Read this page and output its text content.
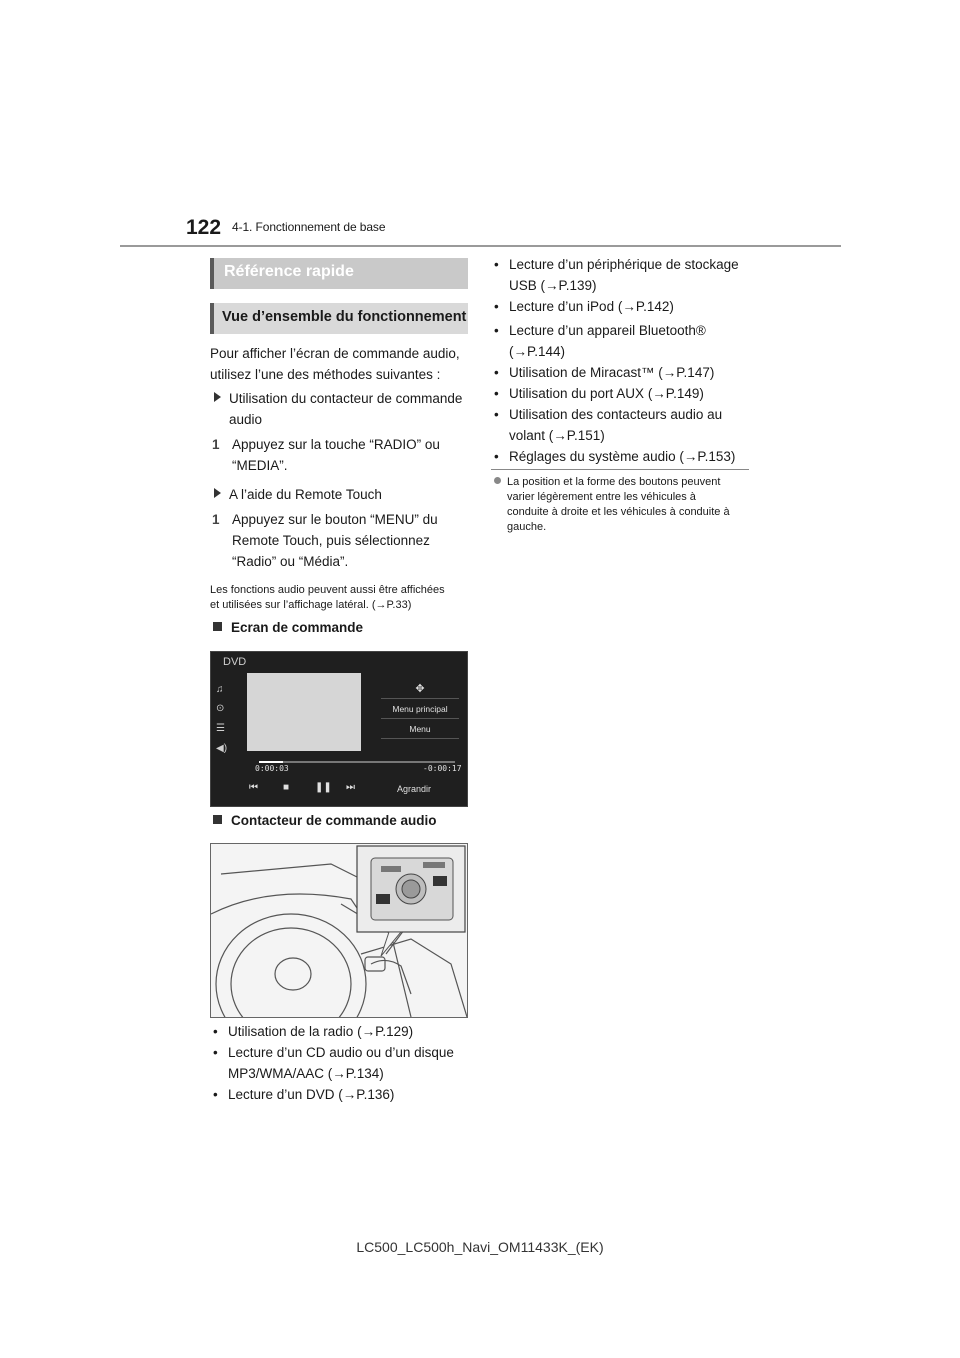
122 4-1. Fonctionnement de base
Référence rapide
Vue d’ensemble du fonctionnement
Pour afficher l’écran de commande audio,
utilisez l’une des méthodes suivantes :
Utilisation du contacteur de commande
audio
1 Appuyez sur la touche “RADIO” ou
“MEDIA”.
A l’aide du Remote Touch
1 Appuyez sur le bouton “MENU” du
Remote Touch, puis sélectionnez
“Radio” ou “Média”.
Les fonctions audio peuvent aussi être affichées
et utilisées sur l’affichage latéral. (→P.33)
Ecran de commande
DVD
♫
⊙
☰
◀)
✥
Menu principal
Menu
0:00:03	-0:00:17
⏮	■	❚❚ ⏭	Agrandir
Contacteur de commande audio
• Utilisation de la radio (→P.129)
• Lecture d’un CD audio ou d’un disque
MP3/WMA/AAC (→P.134)
• Lecture d’un DVD (→P.136)
• Lecture d’un périphérique de stockage
USB (→P.139)
• Lecture d’un iPod (→P.142)
• Lecture d’un appareil Bluetooth®
(→P.144)
• Utilisation de Miracast™ (→P.147)
• Utilisation du port AUX (→P.149)
• Utilisation des contacteurs audio au
volant (→P.151)
• Réglages du système audio (→P.153)
La position et la forme des boutons peuvent
varier légèrement entre les véhicules à
conduite à droite et les véhicules à conduite à
gauche.
LC500_LC500h_Navi_OM11433K_(EK)
